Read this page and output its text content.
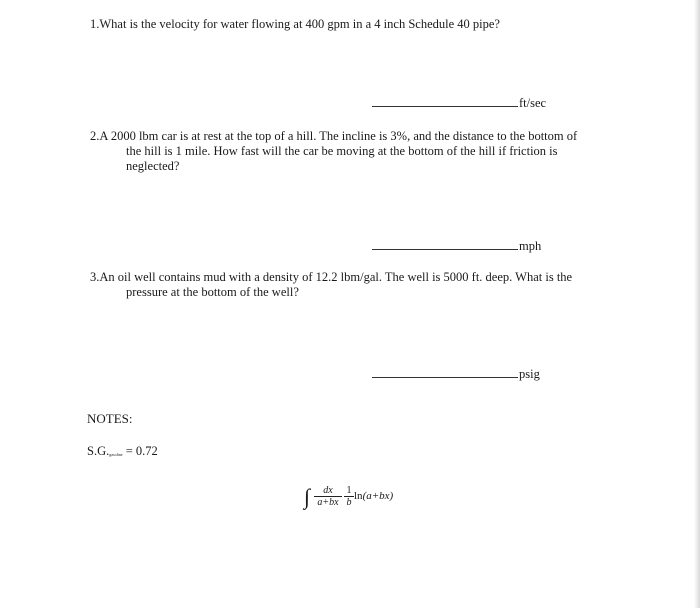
1.What is the velocity for water flowing at 400 gpm in a 4 inch Schedule 40 pipe?
ft/sec
2.A 2000 lbm car is at rest at the top of a hill. The incline is 3%, and the distance to the bottom of
the hill is 1 mile. How fast will the car be moving at the bottom of the hill if friction is
neglected?
mph
3.An oil well contains mud with a density of 12.2 lbm/gal. The well is 5000 ft. deep. What is the
pressure at the bottom of the well?
psig
NOTES:
$S.G._{gasoline} = 0.72$
∫	dx
a+bx
1
b
ln(a+bx)
